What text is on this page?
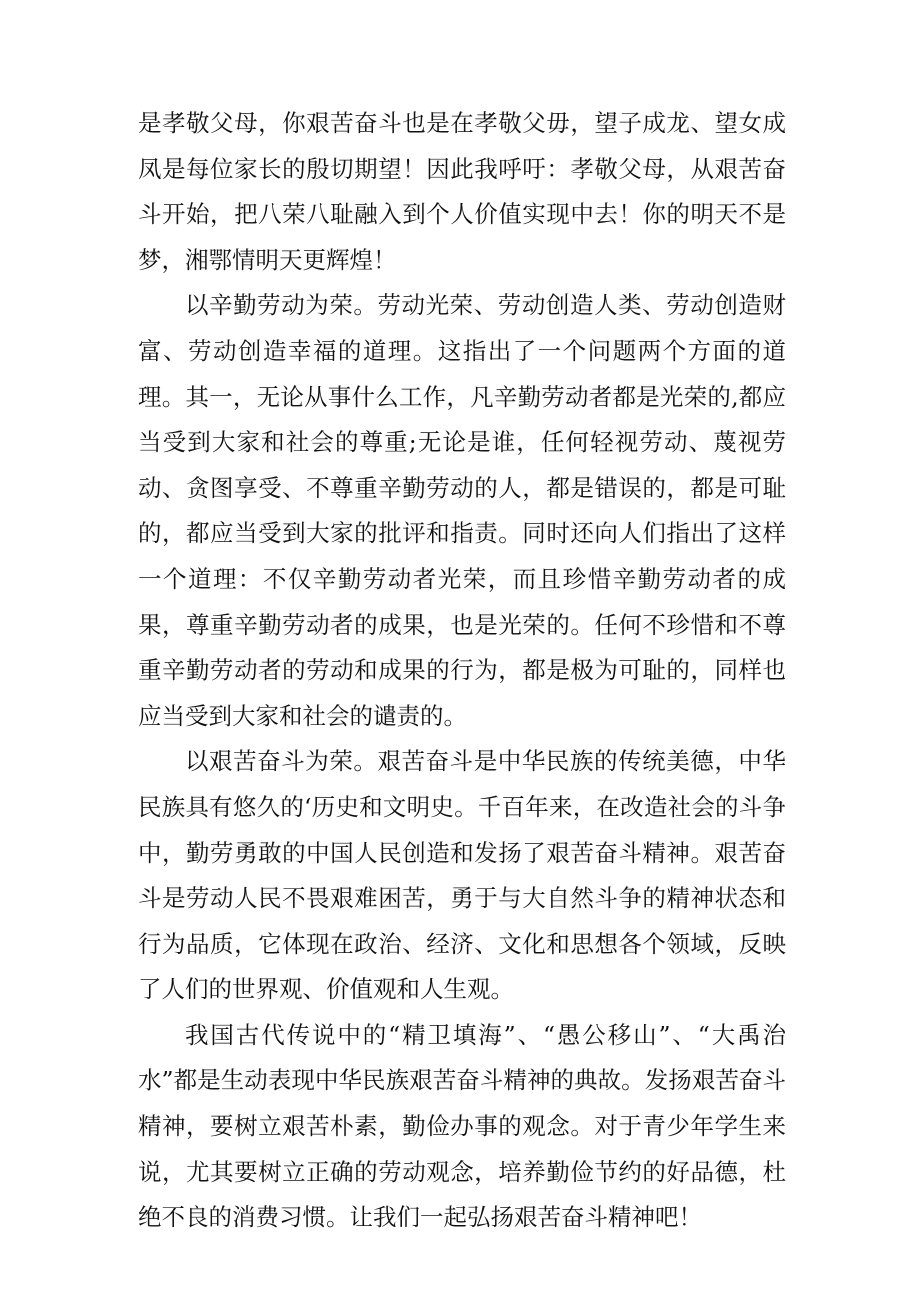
是孝敬父母，你艰苦奋斗也是在孝敬父毋，望子成龙、望女成凤是每位家长的殷切期望！因此我呼吁：孝敬父母，从艰苦奋斗开始，把八荣八耻融入到个人价值实现中去！你的明天不是梦，湘鄂情明天更辉煌！

以辛勤劳动为荣。劳动光荣、劳动创造人类、劳动创造财富、劳动创造幸福的道理。这指出了一个问题两个方面的道理。其一，无论从事什么工作，凡辛勤劳动者都是光荣的,都应当受到大家和社会的尊重;无论是谁，任何轻视劳动、蔑视劳动、贪图享受、不尊重辛勤劳动的人，都是错误的，都是可耻的，都应当受到大家的批评和指责。同时还向人们指出了这样一个道理：不仅辛勤劳动者光荣，而且珍惜辛勤劳动者的成果，尊重辛勤劳动者的成果，也是光荣的。任何不珍惜和不尊重辛勤劳动者的劳动和成果的行为，都是极为可耻的，同样也应当受到大家和社会的谴责的。

以艰苦奋斗为荣。艰苦奋斗是中华民族的传统美德，中华民族具有悠久的‘历史和文明史。千百年来，在改造社会的斗争中，勤劳勇敢的中国人民创造和发扬了艰苦奋斗精神。艰苦奋斗是劳动人民不畏艰难困苦，勇于与大自然斗争的精神状态和行为品质，它体现在政治、经济、文化和思想各个领域，反映了人们的世界观、价值观和人生观。

我国古代传说中的“精卫填海”、“愚公移山”、“大禹治水”都是生动表现中华民族艰苦奋斗精神的典故。发扬艰苦奋斗精神，要树立艰苦朴素，勤俭办事的观念。对于青少年学生来说，尤其要树立正确的劳动观念，培养勤俭节约的好品德，杜绝不良的消费习惯。让我们一起弘扬艰苦奋斗精神吧！
